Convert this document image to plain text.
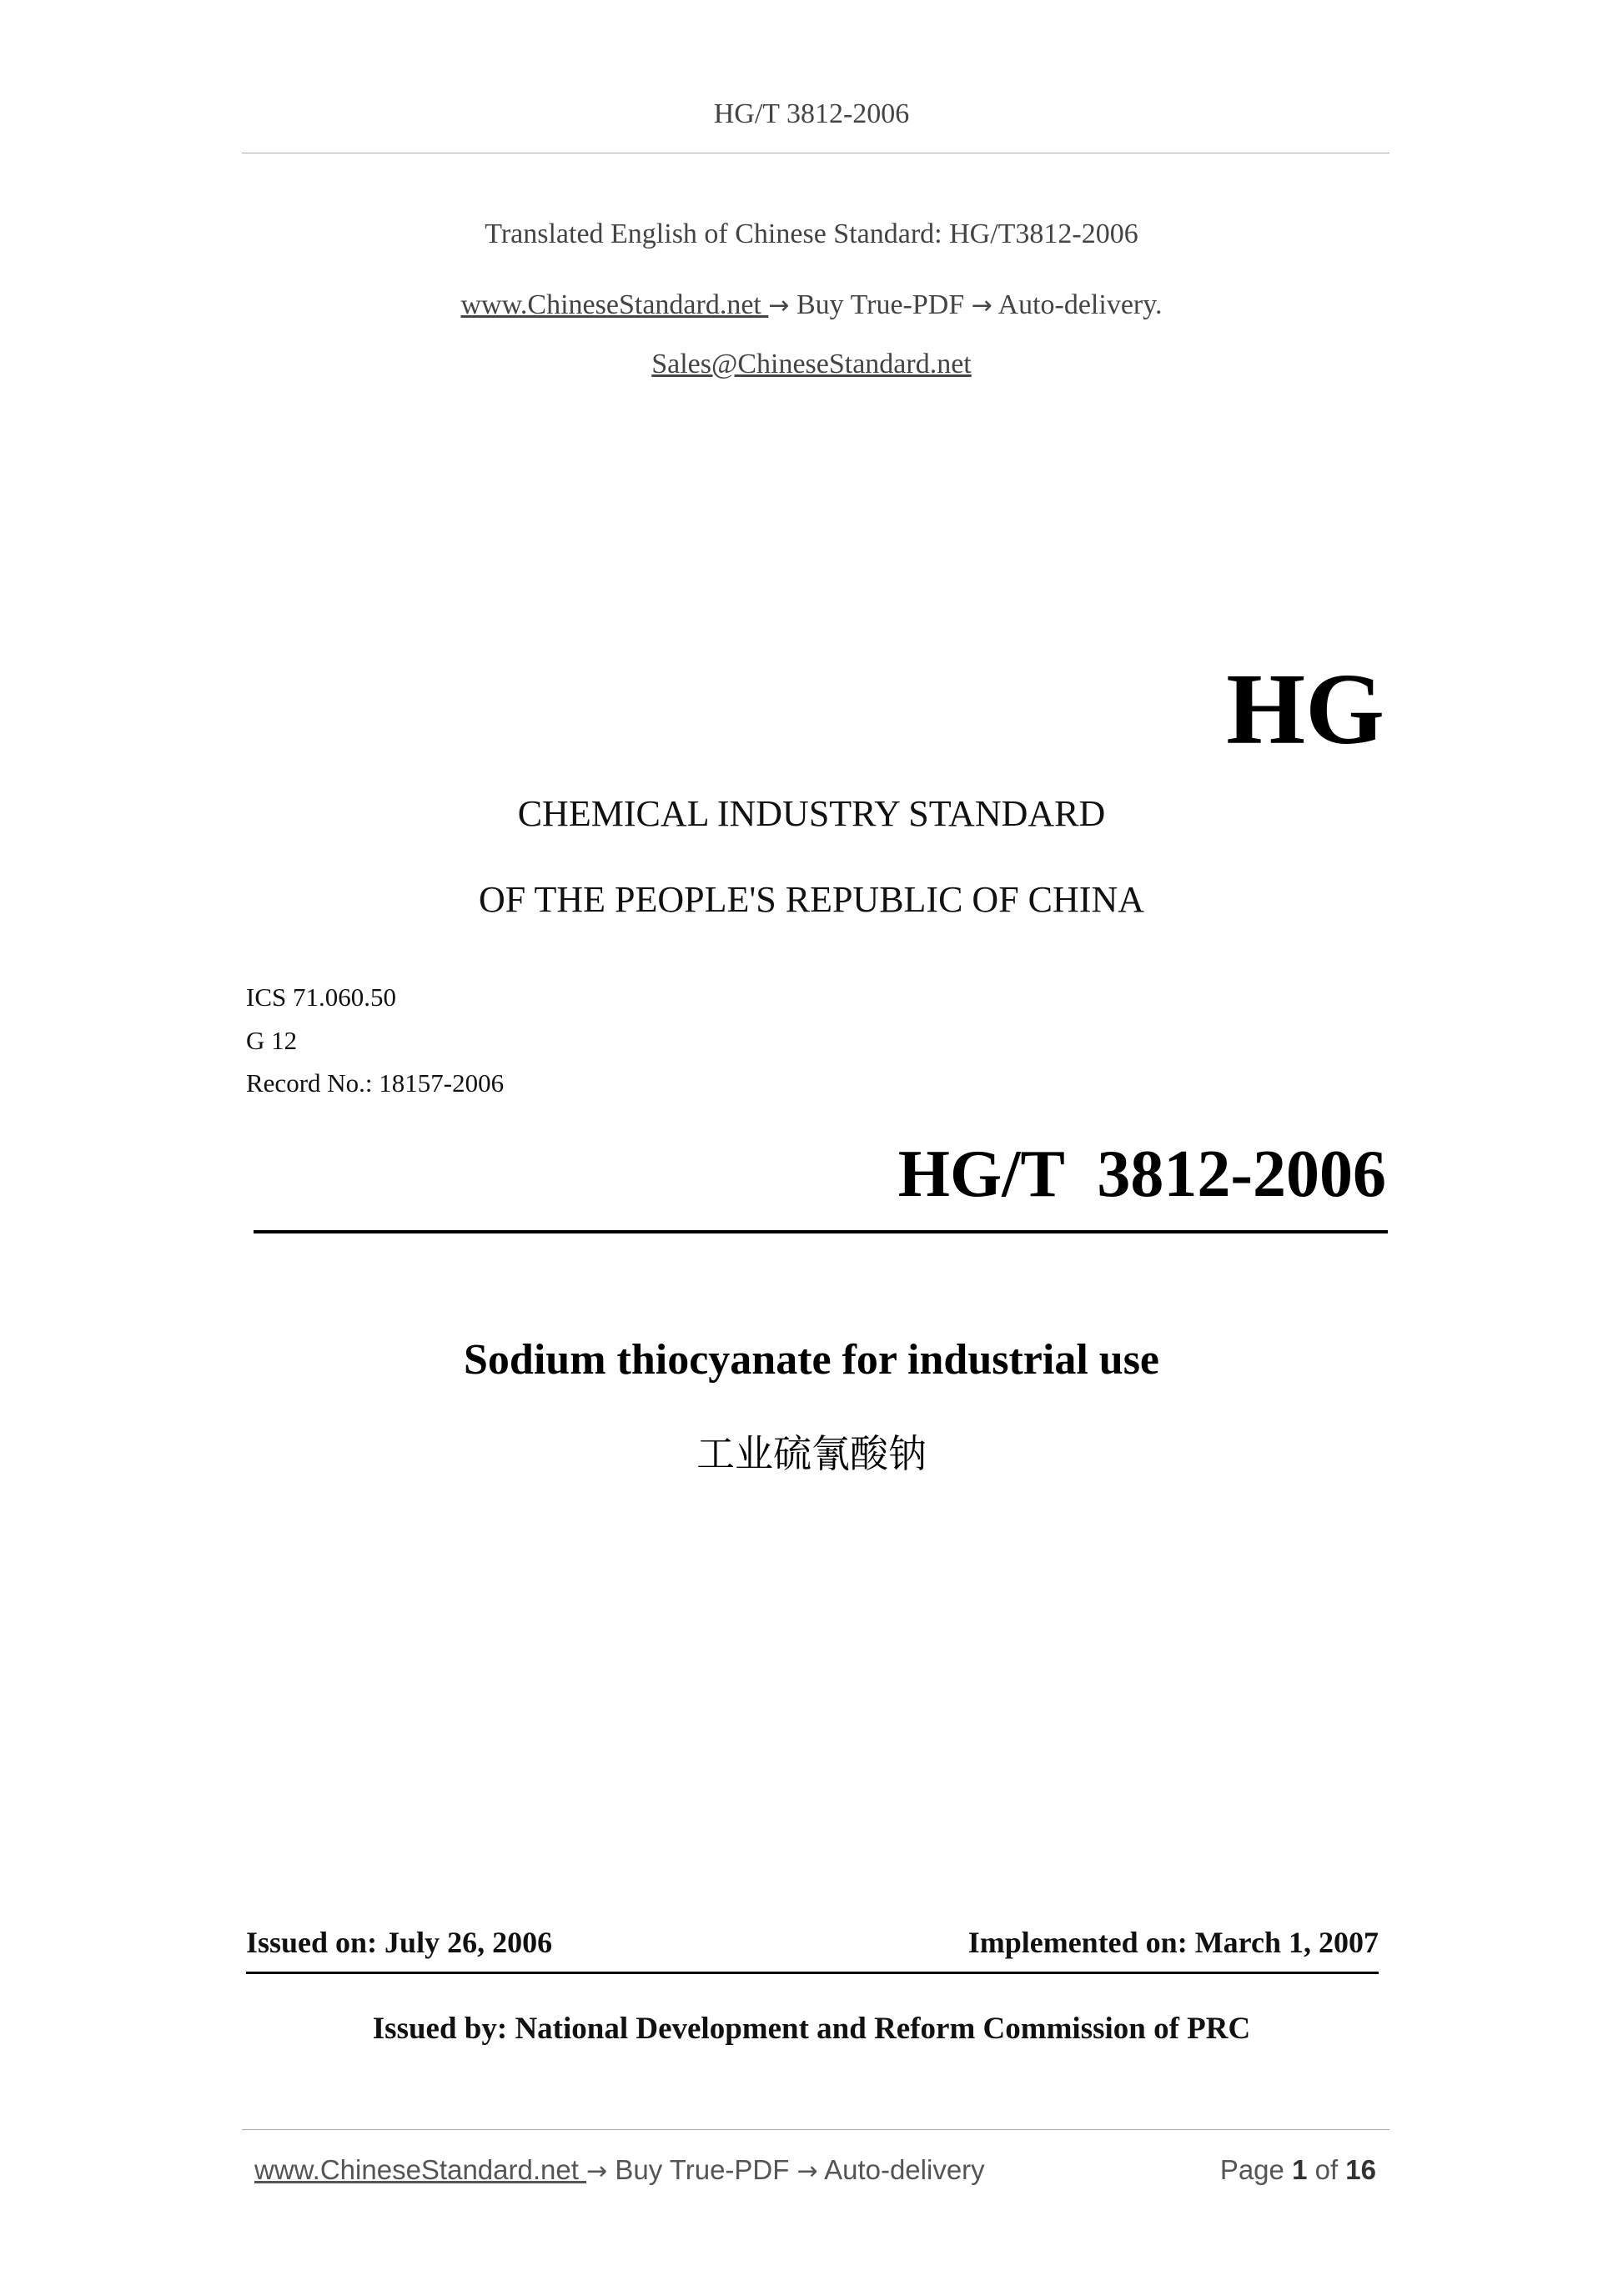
HG/T 3812-2006
Translated English of Chinese Standard: HG/T3812-2006
www.ChineseStandard.net → Buy True-PDF → Auto-delivery.
Sales@ChineseStandard.net
HG
CHEMICAL INDUSTRY STANDARD
OF THE PEOPLE'S REPUBLIC OF CHINA
ICS 71.060.50
G 12
Record No.: 18157-2006
HG/T  3812-2006
Sodium thiocyanate for industrial use
工业硫氰酸钠
Issued on: July 26, 2006	Implemented on: March 1, 2007
Issued by: National Development and Reform Commission of PRC
www.ChineseStandard.net → Buy True-PDF → Auto-delivery	Page 1 of 16
